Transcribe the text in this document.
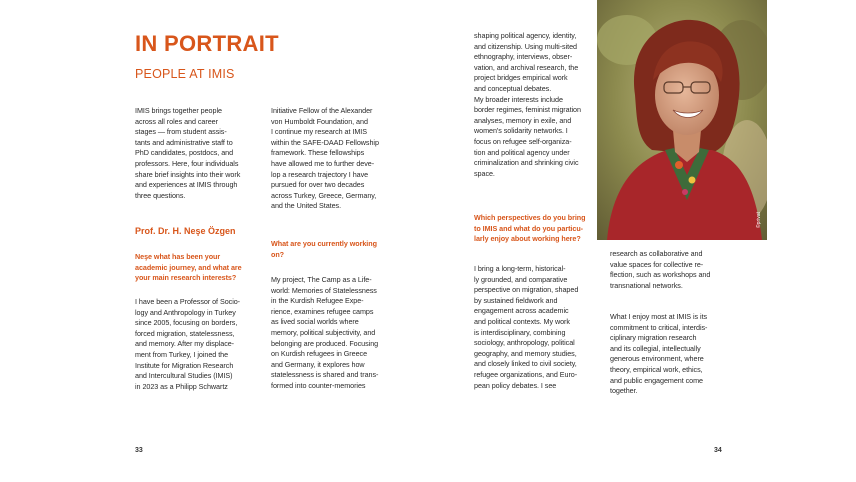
IN PORTRAIT
PEOPLE AT IMIS

IMIS brings together people

across all roles and career

stages — from student assis-

tants and administrative staff to

PhD candidates, postdocs, and

professors. Here, four individuals

share brief insights into their work

and experiences at IMIS through

three questions.

Prof. Dr. H. Neşe Özgen

Neşe what has been your

academic journey, and what are

your main research interests?

I have been a Professor of Socio-

logy and Anthropology in Turkey

since 2005, focusing on borders,

forced migration, statelessness,

and memory. After my displace-

ment from Turkey, I joined the

Institute for Migration Research

and Intercultural Studies (IMIS)

in 2023 as a Philipp Schwartz

Initiative Fellow of the Alexander

von Humboldt Foundation, and

I continue my research at IMIS

within the SAFE-DAAD Fellowship

framework. These fellowships

have allowed me to further deve-

lop a research trajectory I have

pursued for over two decades

across Turkey, Greece, Germany,

and the United States.

What are you currently working

on?

My project, The Camp as a Life-

world: Memories of Statelessness

in the Kurdish Refugee Expe-

rience, examines refugee camps

as lived social worlds where

memory, political subjectivity, and

belonging are produced. Focusing

on Kurdish refugees in Greece

and Germany, it explores how

statelessness is shared and trans-

formed into counter-memories

shaping political agency, identity,

and citizenship. Using multi-sited

ethnography, interviews, obser-

vation, and archival research, the

project bridges empirical work

and conceptual debates.

My broader interests include

border regimes, feminist migration

analyses, memory in exile, and

women's solidarity networks. I

focus on refugee self-organiza-

tion and political agency under

criminalization and shrinking civic

space.

Which perspectives do you bring

to IMIS and what do you particu-

larly enjoy about working here?

I bring a long-term, historical-

ly grounded, and comparative

perspective on migration, shaped

by sustained fieldwork and

engagement across academic

and political contexts. My work

is interdisciplinary, combining

sociology, anthropology, political

geography, and memory studies,

and closely linked to civil society,

refugee organizations, and Euro-

pean policy debates. I see

©privat

research as collaborative and

value spaces for collective re-

flection, such as workshops and

transnational networks.

What I enjoy most at IMIS is its

commitment to critical, interdis-

ciplinary migration research

and its collegial, intellectually

generous environment, where

theory, empirical work, ethics,

and public engagement come

together.

33	34
